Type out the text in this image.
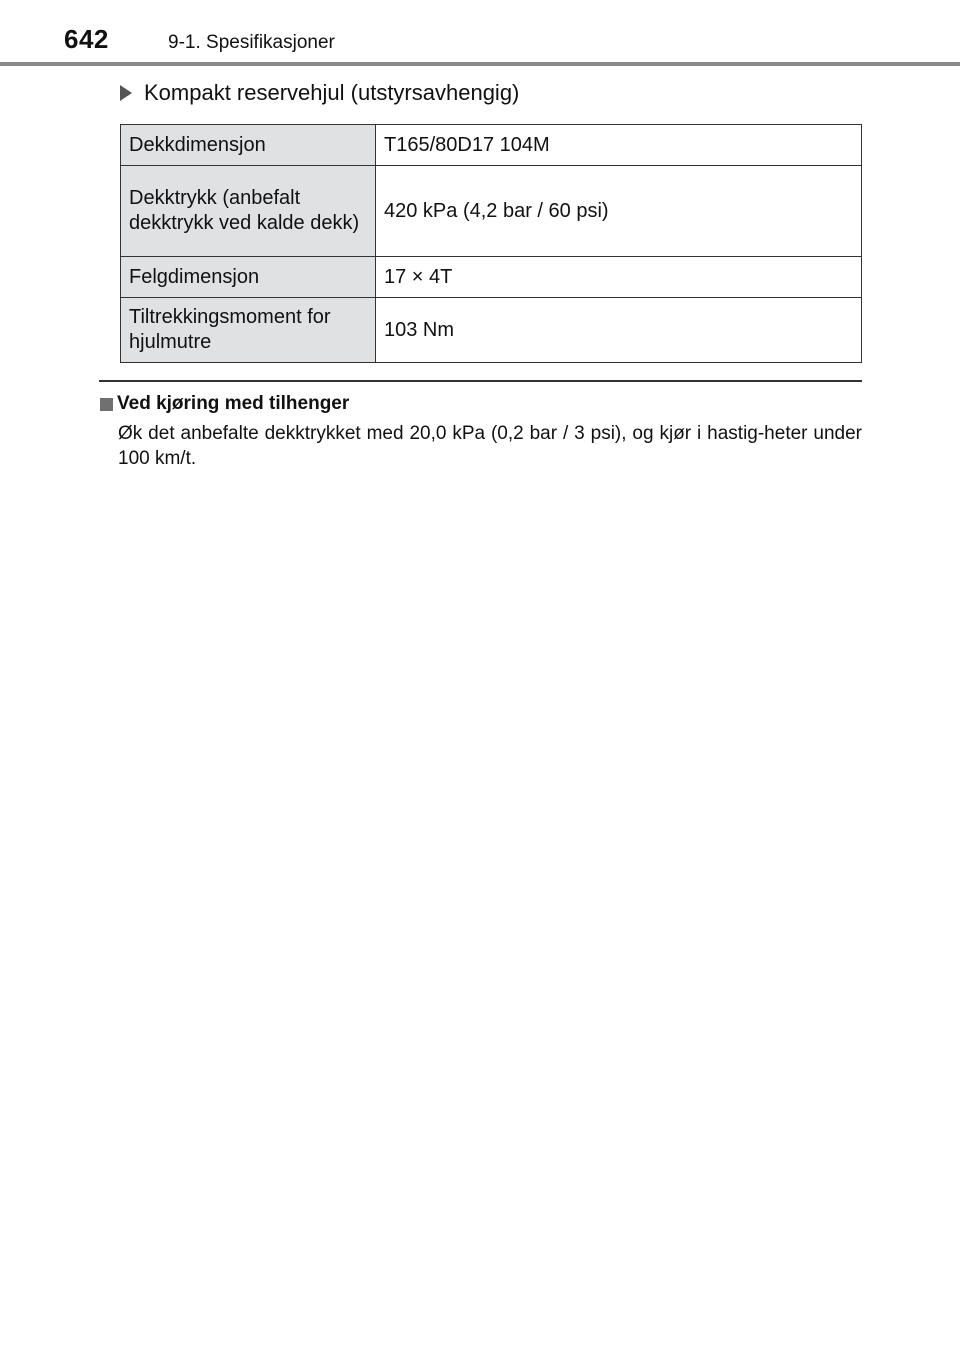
642	9-1. Spesifikasjoner
Kompakt reservehjul (utstyrsavhengig)
Dekkdimensjon	T165/80D17 104M
Dekktrykk (anbefalt dekktrykk ved kalde dekk)	420 kPa (4,2 bar / 60 psi)
Felgdimensjon	17 × 4T
Tiltrekkingsmoment for hjulmutre	103 Nm
Ved kjøring med tilhenger
Øk det anbefalte dekktrykket med 20,0 kPa (0,2 bar / 3 psi), og kjør i hastig-heter under 100 km/t.
